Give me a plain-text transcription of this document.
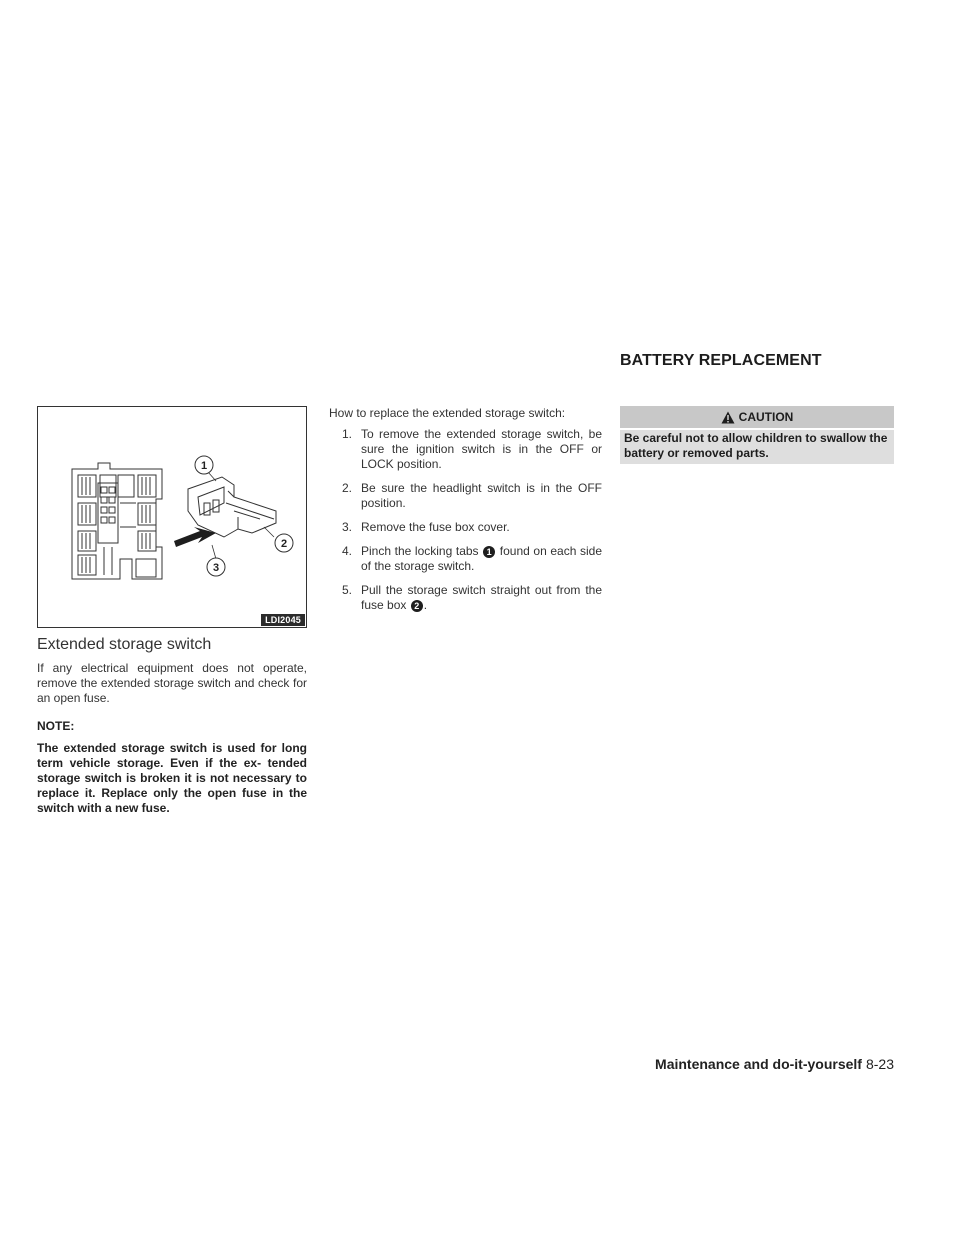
1
2
3
LDI2045
Extended storage switch
If any electrical equipment does not operate, remove the extended storage switch and check for an open fuse.
NOTE:
The extended storage switch is used for long term vehicle storage. Even if the ex- tended storage switch is broken it is not necessary to replace it. Replace only the open fuse in the switch with a new fuse.
How to replace the extended storage switch:
1. To remove the extended storage switch, be sure the ignition switch is in the OFF or LOCK position.
2. Be sure the headlight switch is in the OFF position.
3. Remove the fuse box cover.
4. Pinch the locking tabs 1 found on each side of the storage switch.
5. Pull the storage switch straight out from the fuse box 2 .
BATTERY REPLACEMENT
CAUTION
Be careful not to allow children to swallow the battery or removed parts.
Maintenance and do-it-yourself 8-23
